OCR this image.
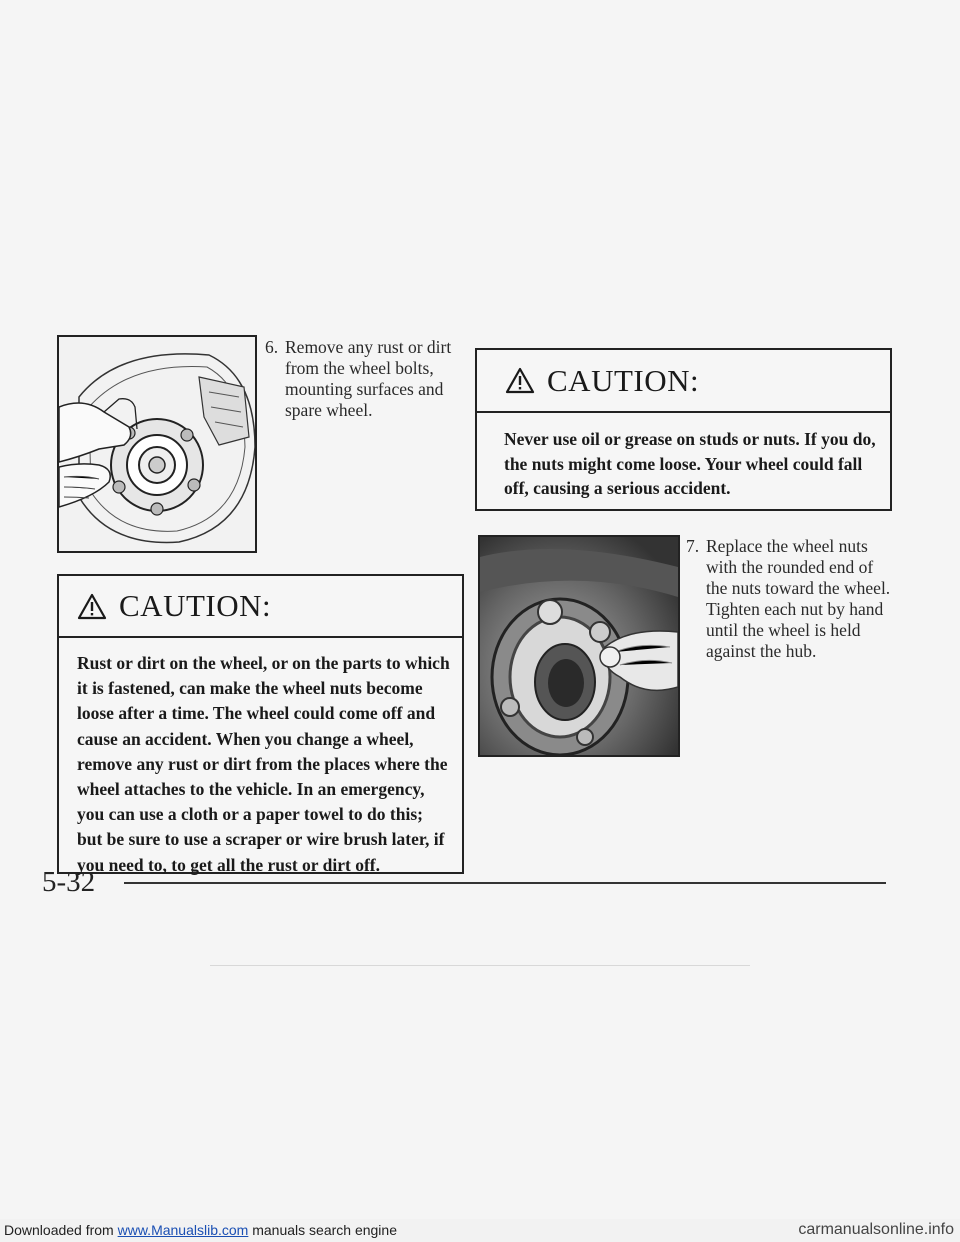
6. Remove any rust or dirt from the wheel bolts, mounting surfaces and spare wheel.
CAUTION:
Never use oil or grease on studs or nuts. If you do, the nuts might come loose. Your wheel could fall off, causing a serious accident.
7. Replace the wheel nuts with the rounded end of the nuts toward the wheel. Tighten each nut by hand until the wheel is held against the hub.
CAUTION:
Rust or dirt on the wheel, or on the parts to which it is fastened, can make the wheel nuts become loose after a time. The wheel could come off and cause an accident. When you change a wheel, remove any rust or dirt from the places where the wheel attaches to the vehicle. In an emergency, you can use a cloth or a paper towel to do this; but be sure to use a scraper or wire brush later, if you need to, to get all the rust or dirt off.
5-32
Downloaded from www.Manualslib.com manuals search engine	carmanualsonline.info
